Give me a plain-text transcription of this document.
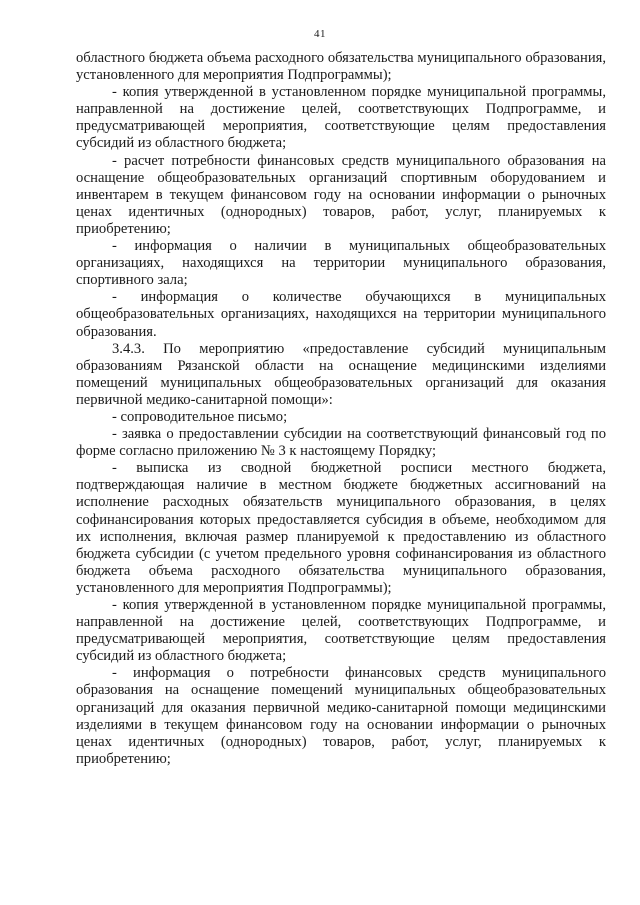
41

областного бюджета объема расходного обязательства муниципального образования, установленного для мероприятия Подпрограммы);

- копия утвержденной в установленном порядке муниципальной программы, направленной на достижение целей, соответствующих Подпрограмме, и предусматривающей мероприятия, соответствующие целям предоставления субсидий из областного бюджета;

- расчет потребности финансовых средств муниципального образования на оснащение общеобразовательных организаций спортивным оборудованием и инвентарем в текущем финансовом году на основании информации о рыночных ценах идентичных (однородных) товаров, работ, услуг, планируемых к приобретению;

- информация о наличии в муниципальных общеобразовательных организациях, находящихся на территории муниципального образования, спортивного зала;

- информация о количестве обучающихся в муниципальных общеобразовательных организациях, находящихся на территории муниципального образования.

3.4.3. По мероприятию «предоставление субсидий муниципальным образованиям Рязанской области на оснащение медицинскими изделиями помещений муниципальных общеобразовательных организаций для оказания первичной медико-санитарной помощи»:

- сопроводительное письмо;

- заявка о предоставлении субсидии на соответствующий финансовый год по форме согласно приложению № 3 к настоящему Порядку;

- выписка из сводной бюджетной росписи местного бюджета, подтверждающая наличие в местном бюджете бюджетных ассигнований на исполнение расходных обязательств муниципального образования, в целях софинансирования которых предоставляется субсидия в объеме, необходимом для их исполнения, включая размер планируемой к предоставлению из областного бюджета субсидии (с учетом предельного уровня софинансирования из областного бюджета объема расходного обязательства муниципального образования, установленного для мероприятия Подпрограммы);

- копия утвержденной в установленном порядке муниципальной программы, направленной на достижение целей, соответствующих Подпрограмме, и предусматривающей мероприятия, соответствующие целям предоставления субсидий из областного бюджета;

- информация о потребности финансовых средств муниципального образования на оснащение помещений муниципальных общеобразовательных организаций для оказания первичной медико-санитарной помощи медицинскими изделиями в текущем финансовом году на основании информации о рыночных ценах идентичных (однородных) товаров, работ, услуг, планируемых к приобретению;
